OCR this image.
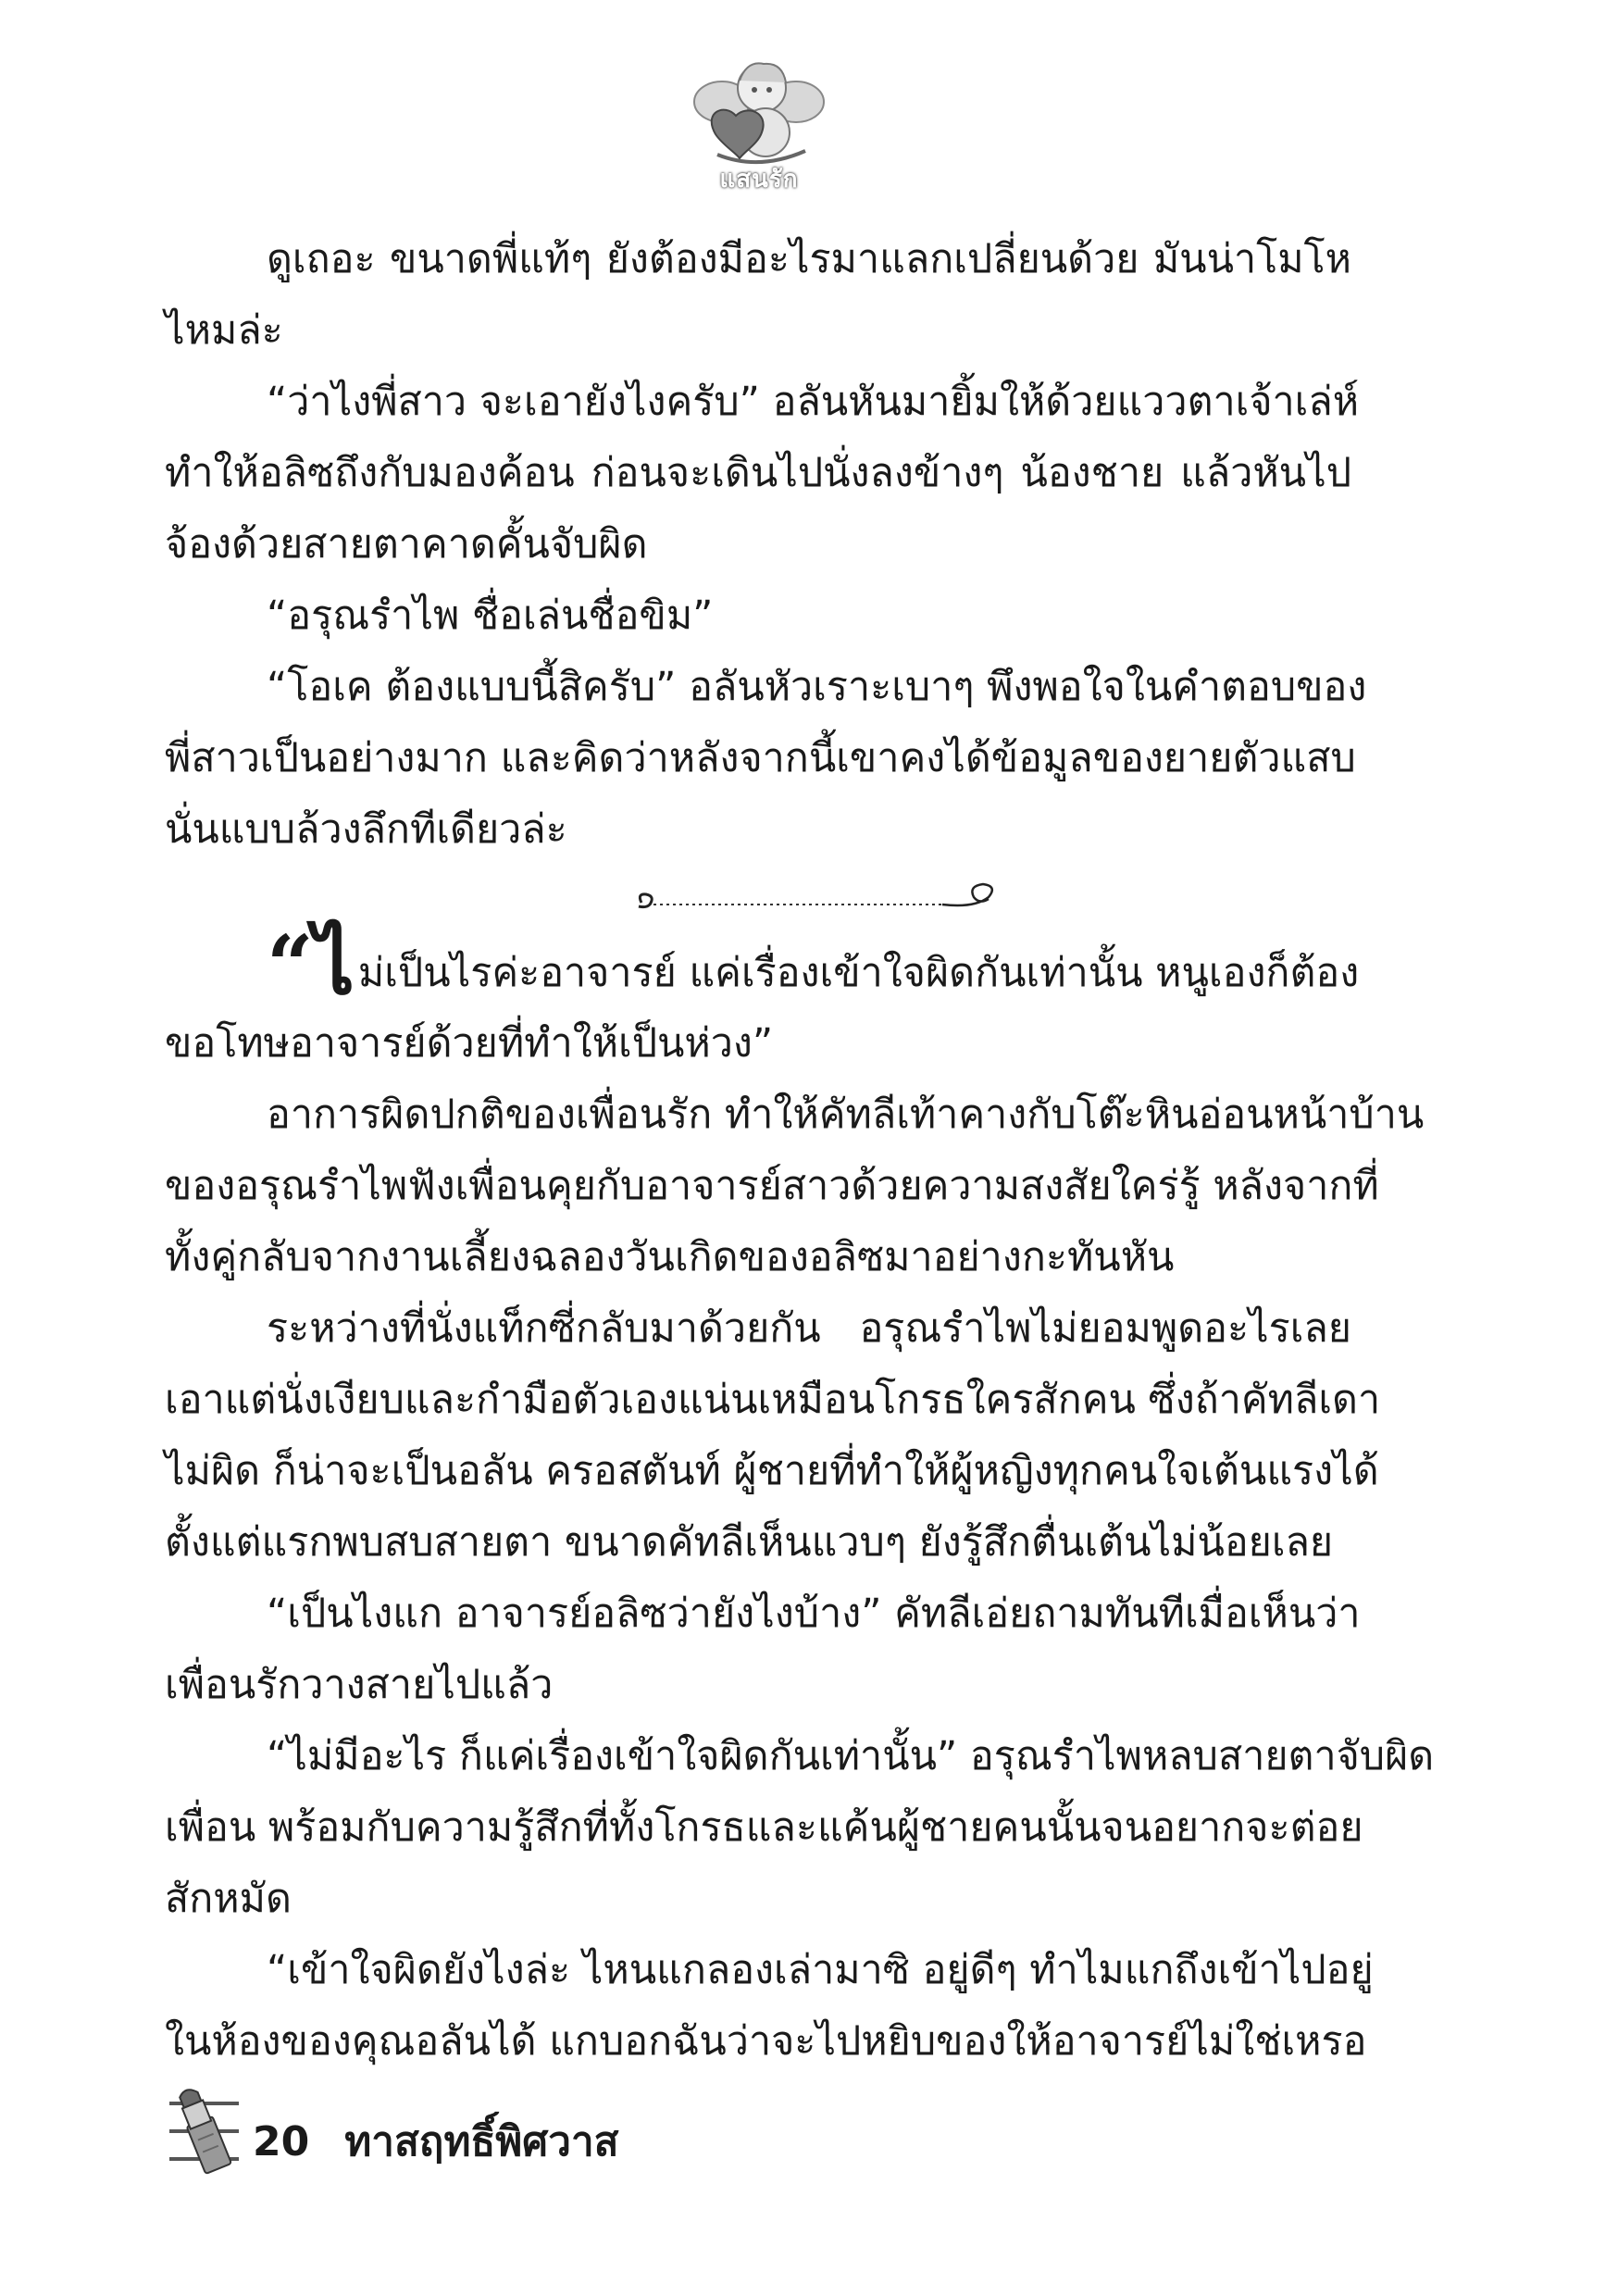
แสนรัก
ดูเถอะ ขนาดพี่แท้ๆ ยังต้องมีอะไรมาแลกเปลี่ยนด้วย มันน่าโมโห
ไหมล่ะ
“ว่าไงพี่สาว จะเอายังไงครับ” อลันหันมายิ้มให้ด้วยแววตาเจ้าเล่ห์
ทำให้อลิซถึงกับมองค้อน ก่อนจะเดินไปนั่งลงข้างๆ น้องชาย แล้วหันไป
จ้องด้วยสายตาคาดคั้นจับผิด
“อรุณรำไพ ชื่อเล่นชื่อขิม”
“โอเค ต้องแบบนี้สิครับ” อลันหัวเราะเบาๆ พึงพอใจในคำตอบของ
พี่สาวเป็นอย่างมาก และคิดว่าหลังจากนี้เขาคงได้ข้อมูลของยายตัวแสบ
นั่นแบบล้วงลึกทีเดียวล่ะ
“ไม่เป็นไรค่ะอาจารย์ แค่เรื่องเข้าใจผิดกันเท่านั้น หนูเองก็ต้อง
ขอโทษอาจารย์ด้วยที่ทำให้เป็นห่วง”
อาการผิดปกติของเพื่อนรัก ทำให้คัทลีเท้าคางกับโต๊ะหินอ่อนหน้าบ้าน
ของอรุณรำไพฟังเพื่อนคุยกับอาจารย์สาวด้วยความสงสัยใคร่รู้ หลังจากที่
ทั้งคู่กลับจากงานเลี้ยงฉลองวันเกิดของอลิซมาอย่างกะทันหัน
ระหว่างที่นั่งแท็กซี่กลับมาด้วยกัน อรุณรำไพไม่ยอมพูดอะไรเลย
เอาแต่นั่งเงียบและกำมือตัวเองแน่นเหมือนโกรธใครสักคน ซึ่งถ้าคัทลีเดา
ไม่ผิด ก็น่าจะเป็นอลัน ครอสตันท์ ผู้ชายที่ทำให้ผู้หญิงทุกคนใจเต้นแรงได้
ตั้งแต่แรกพบสบสายตา ขนาดคัทลีเห็นแวบๆ ยังรู้สึกตื่นเต้นไม่น้อยเลย
“เป็นไงแก อาจารย์อลิซว่ายังไงบ้าง” คัทลีเอ่ยถามทันทีเมื่อเห็นว่า
เพื่อนรักวางสายไปแล้ว
“ไม่มีอะไร ก็แค่เรื่องเข้าใจผิดกันเท่านั้น” อรุณรำไพหลบสายตาจับผิด
เพื่อน พร้อมกับความรู้สึกที่ทั้งโกรธและแค้นผู้ชายคนนั้นจนอยากจะต่อย
สักหมัด
“เข้าใจผิดยังไงล่ะ ไหนแกลองเล่ามาซิ อยู่ดีๆ ทำไมแกถึงเข้าไปอยู่
ในห้องของคุณอลันได้ แกบอกฉันว่าจะไปหยิบของให้อาจารย์ไม่ใช่เหรอ
20 ทาสฤทธิ์พิศวาส
